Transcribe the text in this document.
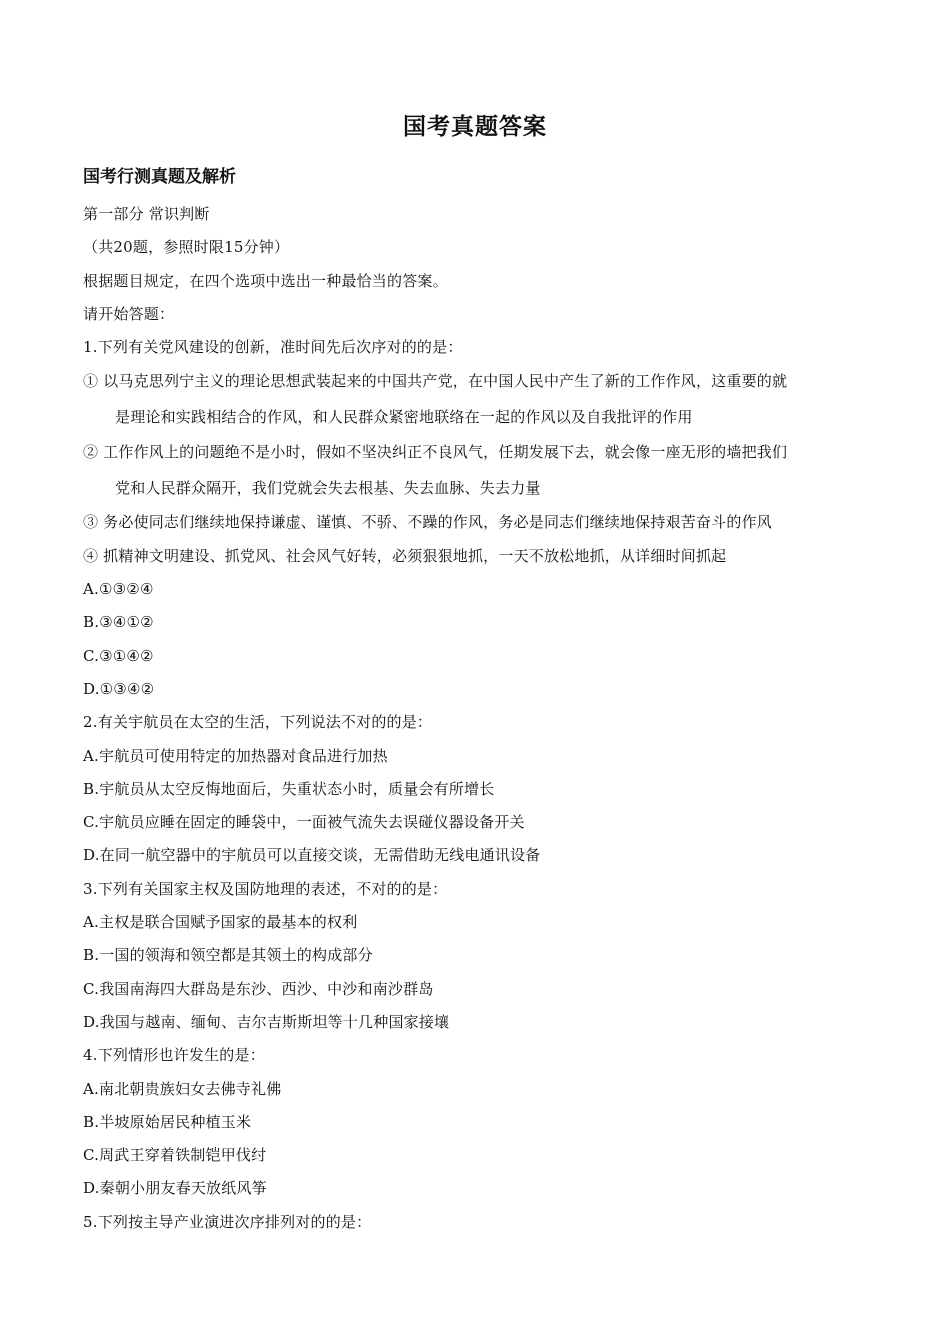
国考真题答案
国考行测真题及解析

第一部分 常识判断

（共20题，参照时限15分钟）

根据题目规定，在四个选项中选出一种最恰当的答案。

请开始答题：

1.下列有关党风建设的创新，准时间先后次序对的的是：

① 以马克思列宁主义的理论思想武装起来的中国共产党，在中国人民中产生了新的工作作风，这重要的就
是理论和实践相结合的作风，和人民群众紧密地联络在一起的作风以及自我批评的作用

② 工作作风上的问题绝不是小时，假如不坚决纠正不良风气，任期发展下去，就会像一座无形的墙把我们
党和人民群众隔开，我们党就会失去根基、失去血脉、失去力量

③ 务必使同志们继续地保持谦虚、谨慎、不骄、不躁的作风，务必是同志们继续地保持艰苦奋斗的作风

④ 抓精神文明建设、抓党风、社会风气好转，必须狠狠地抓，一天不放松地抓，从详细时间抓起

A.①③②④

B.③④①②

C.③①④②

D.①③④②

2.有关宇航员在太空的生活，下列说法不对的的是：

A.宇航员可使用特定的加热器对食品进行加热

B.宇航员从太空反悔地面后，失重状态小时，质量会有所增长

C.宇航员应睡在固定的睡袋中，一面被气流失去误碰仪器设备开关

D.在同一航空器中的宇航员可以直接交谈，无需借助无线电通讯设备

3.下列有关国家主权及国防地理的表述，不对的的是：

A.主权是联合国赋予国家的最基本的权利

B.一国的领海和领空都是其领土的构成部分

C.我国南海四大群岛是东沙、西沙、中沙和南沙群岛

D.我国与越南、缅甸、吉尔吉斯斯坦等十几种国家接壤

4.下列情形也许发生的是：

A.南北朝贵族妇女去佛寺礼佛

B.半坡原始居民种植玉米

C.周武王穿着铁制铠甲伐纣

D.秦朝小朋友春天放纸风筝

5.下列按主导产业演进次序排列对的的是：
